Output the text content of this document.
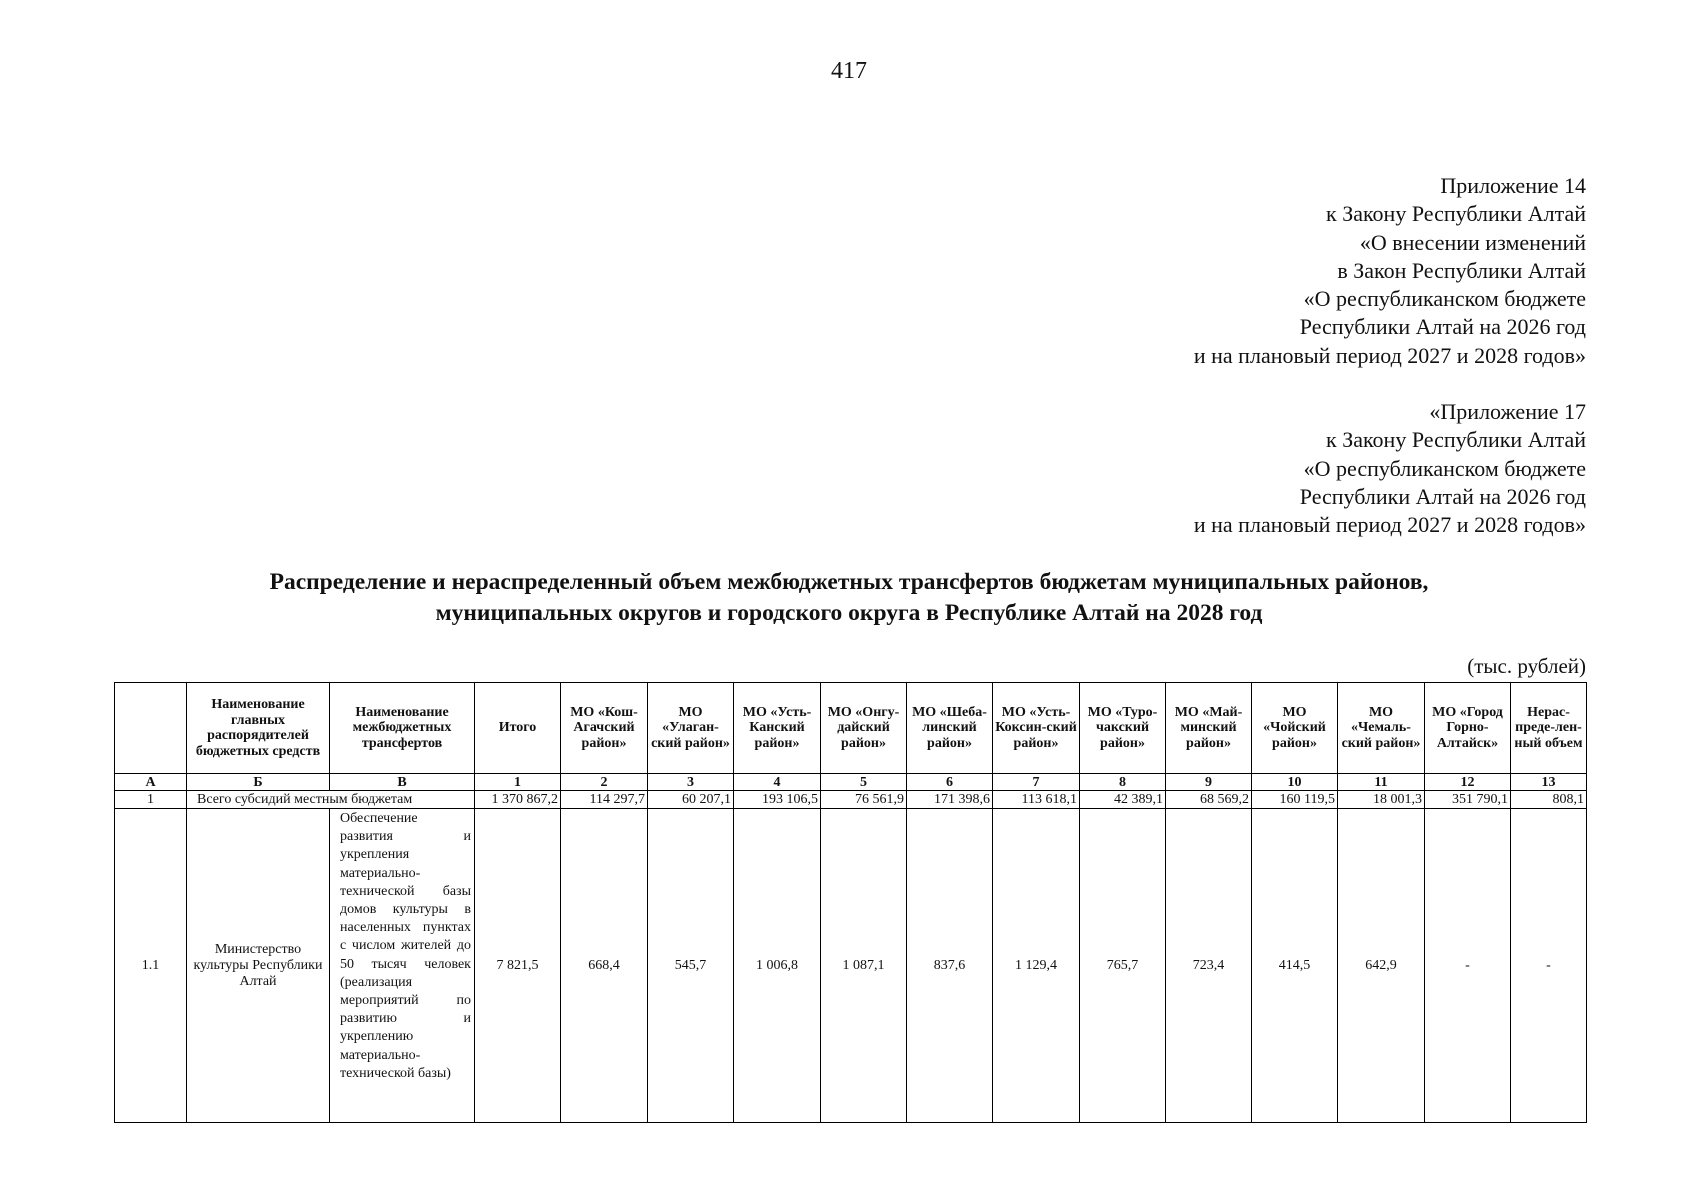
417
Приложение 14
к Закону Республики Алтай
«О внесении изменений
в Закон Республики Алтай
«О республиканском бюджете
Республики Алтай на 2026 год
и на плановый период 2027 и 2028 годов»
«Приложение 17
к Закону Республики Алтай
«О республиканском бюджете
Республики Алтай на 2026 год
и на плановый период 2027 и 2028 годов»
Распределение и нераспределенный объем межбюджетных трансфертов бюджетам муниципальных районов,
муниципальных округов и городского округа в Республике Алтай на 2028 год
(тыс. рублей)
	Наименование главных распорядителей бюджетных средств	Наименование межбюджетных трансфертов	Итого	МО «Кош-Агачский район»	МО «Улаган-ский район»	МО «Усть-Канский район»	МО «Онгу-дайский район»	МО «Шеба-линский район»	МО «Усть-Коксин-ский район»	МО «Туро-чакский район»	МО «Май-минский район»	МО «Чойский район»	МО «Чемаль-ский район»	МО «Город Горно-Алтайск»	Нерас-преде-лен-ный объем
А	Б	В	1	2	3	4	5	6	7	8	9	10	11	12	13
1	Всего субсидий местным бюджетам		1 370 867,2	114 297,7	60 207,1	193 106,5	76 561,9	171 398,6	113 618,1	42 389,1	68 569,2	160 119,5	18 001,3	351 790,1	808,1
1.1	Министерство культуры Республики Алтай	Обеспечение развития и укрепления материально-технической базы домов культуры в населенных пунктах с числом жителей до 50 тысяч человек (реализация мероприятий по развитию и укреплению материально-технической базы)	7 821,5	668,4	545,7	1 006,8	1 087,1	837,6	1 129,4	765,7	723,4	414,5	642,9	-	-
